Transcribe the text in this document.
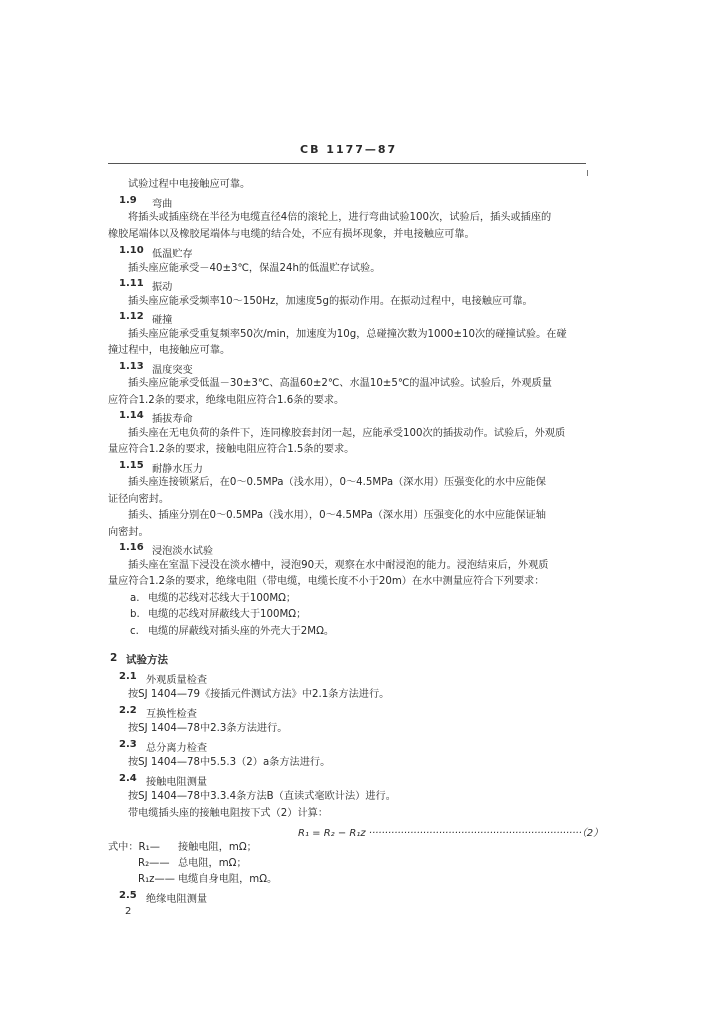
CB 1177—87
试验过程中电接触应可靠。
1.9 弯曲
将插头或插座绕在半径为电缆直径4倍的滚轮上，进行弯曲试验100次，试验后，插头或插座的
橡胶尾端体以及橡胶尾端体与电缆的结合处，不应有损坏现象，并电接触应可靠。
1.10 低温贮存
插头座应能承受－40±3℃，保温24h的低温贮存试验。
1.11 振动
插头座应能承受频率10～150Hz，加速度5g的振动作用。在振动过程中，电接触应可靠。
1.12 碰撞
插头座应能承受重复频率50次/min，加速度为10g，总碰撞次数为1000±10次的碰撞试验。在碰
撞过程中，电接触应可靠。
1.13 温度突变
插头座应能承受低温－30±3℃、高温60±2℃、水温10±5℃的温冲试验。试验后，外观质量
应符合1.2条的要求，绝缘电阻应符合1.6条的要求。
1.14 插拔寿命
插头座在无电负荷的条件下，连同橡胶套封闭一起，应能承受100次的插拔动作。试验后，外观质
量应符合1.2条的要求，接触电阻应符合1.5条的要求。
1.15 耐静水压力
插头座连接锁紧后，在0～0.5MPa（浅水用），0～4.5MPa（深水用）压强变化的水中应能保
证径向密封。
插头、插座分别在0～0.5MPa（浅水用），0～4.5MPa（深水用）压强变化的水中应能保证轴
向密封。
1.16 浸泡淡水试验
插头座在室温下浸没在淡水槽中，浸泡90天，观察在水中耐浸泡的能力。浸泡结束后，外观质
量应符合1.2条的要求，绝缘电阻（带电缆，电缆长度不小于20m）在水中测量应符合下列要求：
a. 电缆的芯线对芯线大于100MΩ；
b. 电缆的芯线对屏蔽线大于100MΩ；
c. 电缆的屏蔽线对插头座的外壳大于2MΩ。
2 试验方法
2.1 外观质量检查
按SJ 1404—79《接插元件测试方法》中2.1条方法进行。
2.2 互换性检查
按SJ 1404—78中2.3条方法进行。
2.3 总分离力检查
按SJ 1404—78中5.5.3（2）a条方法进行。
2.4 接触电阻测量
按SJ 1404—78中3.3.4条方法B（直读式毫欧计法）进行。
带电缆插头座的接触电阻按下式（2）计算：
R₁ = R₂ − R₁z ···································································（2）
式中：R₁— 接触电阻，mΩ；
R₂—— 总电阻，mΩ；
R₁z—— 电缆自身电阻，mΩ。
2.5 绝缘电阻测量
2
